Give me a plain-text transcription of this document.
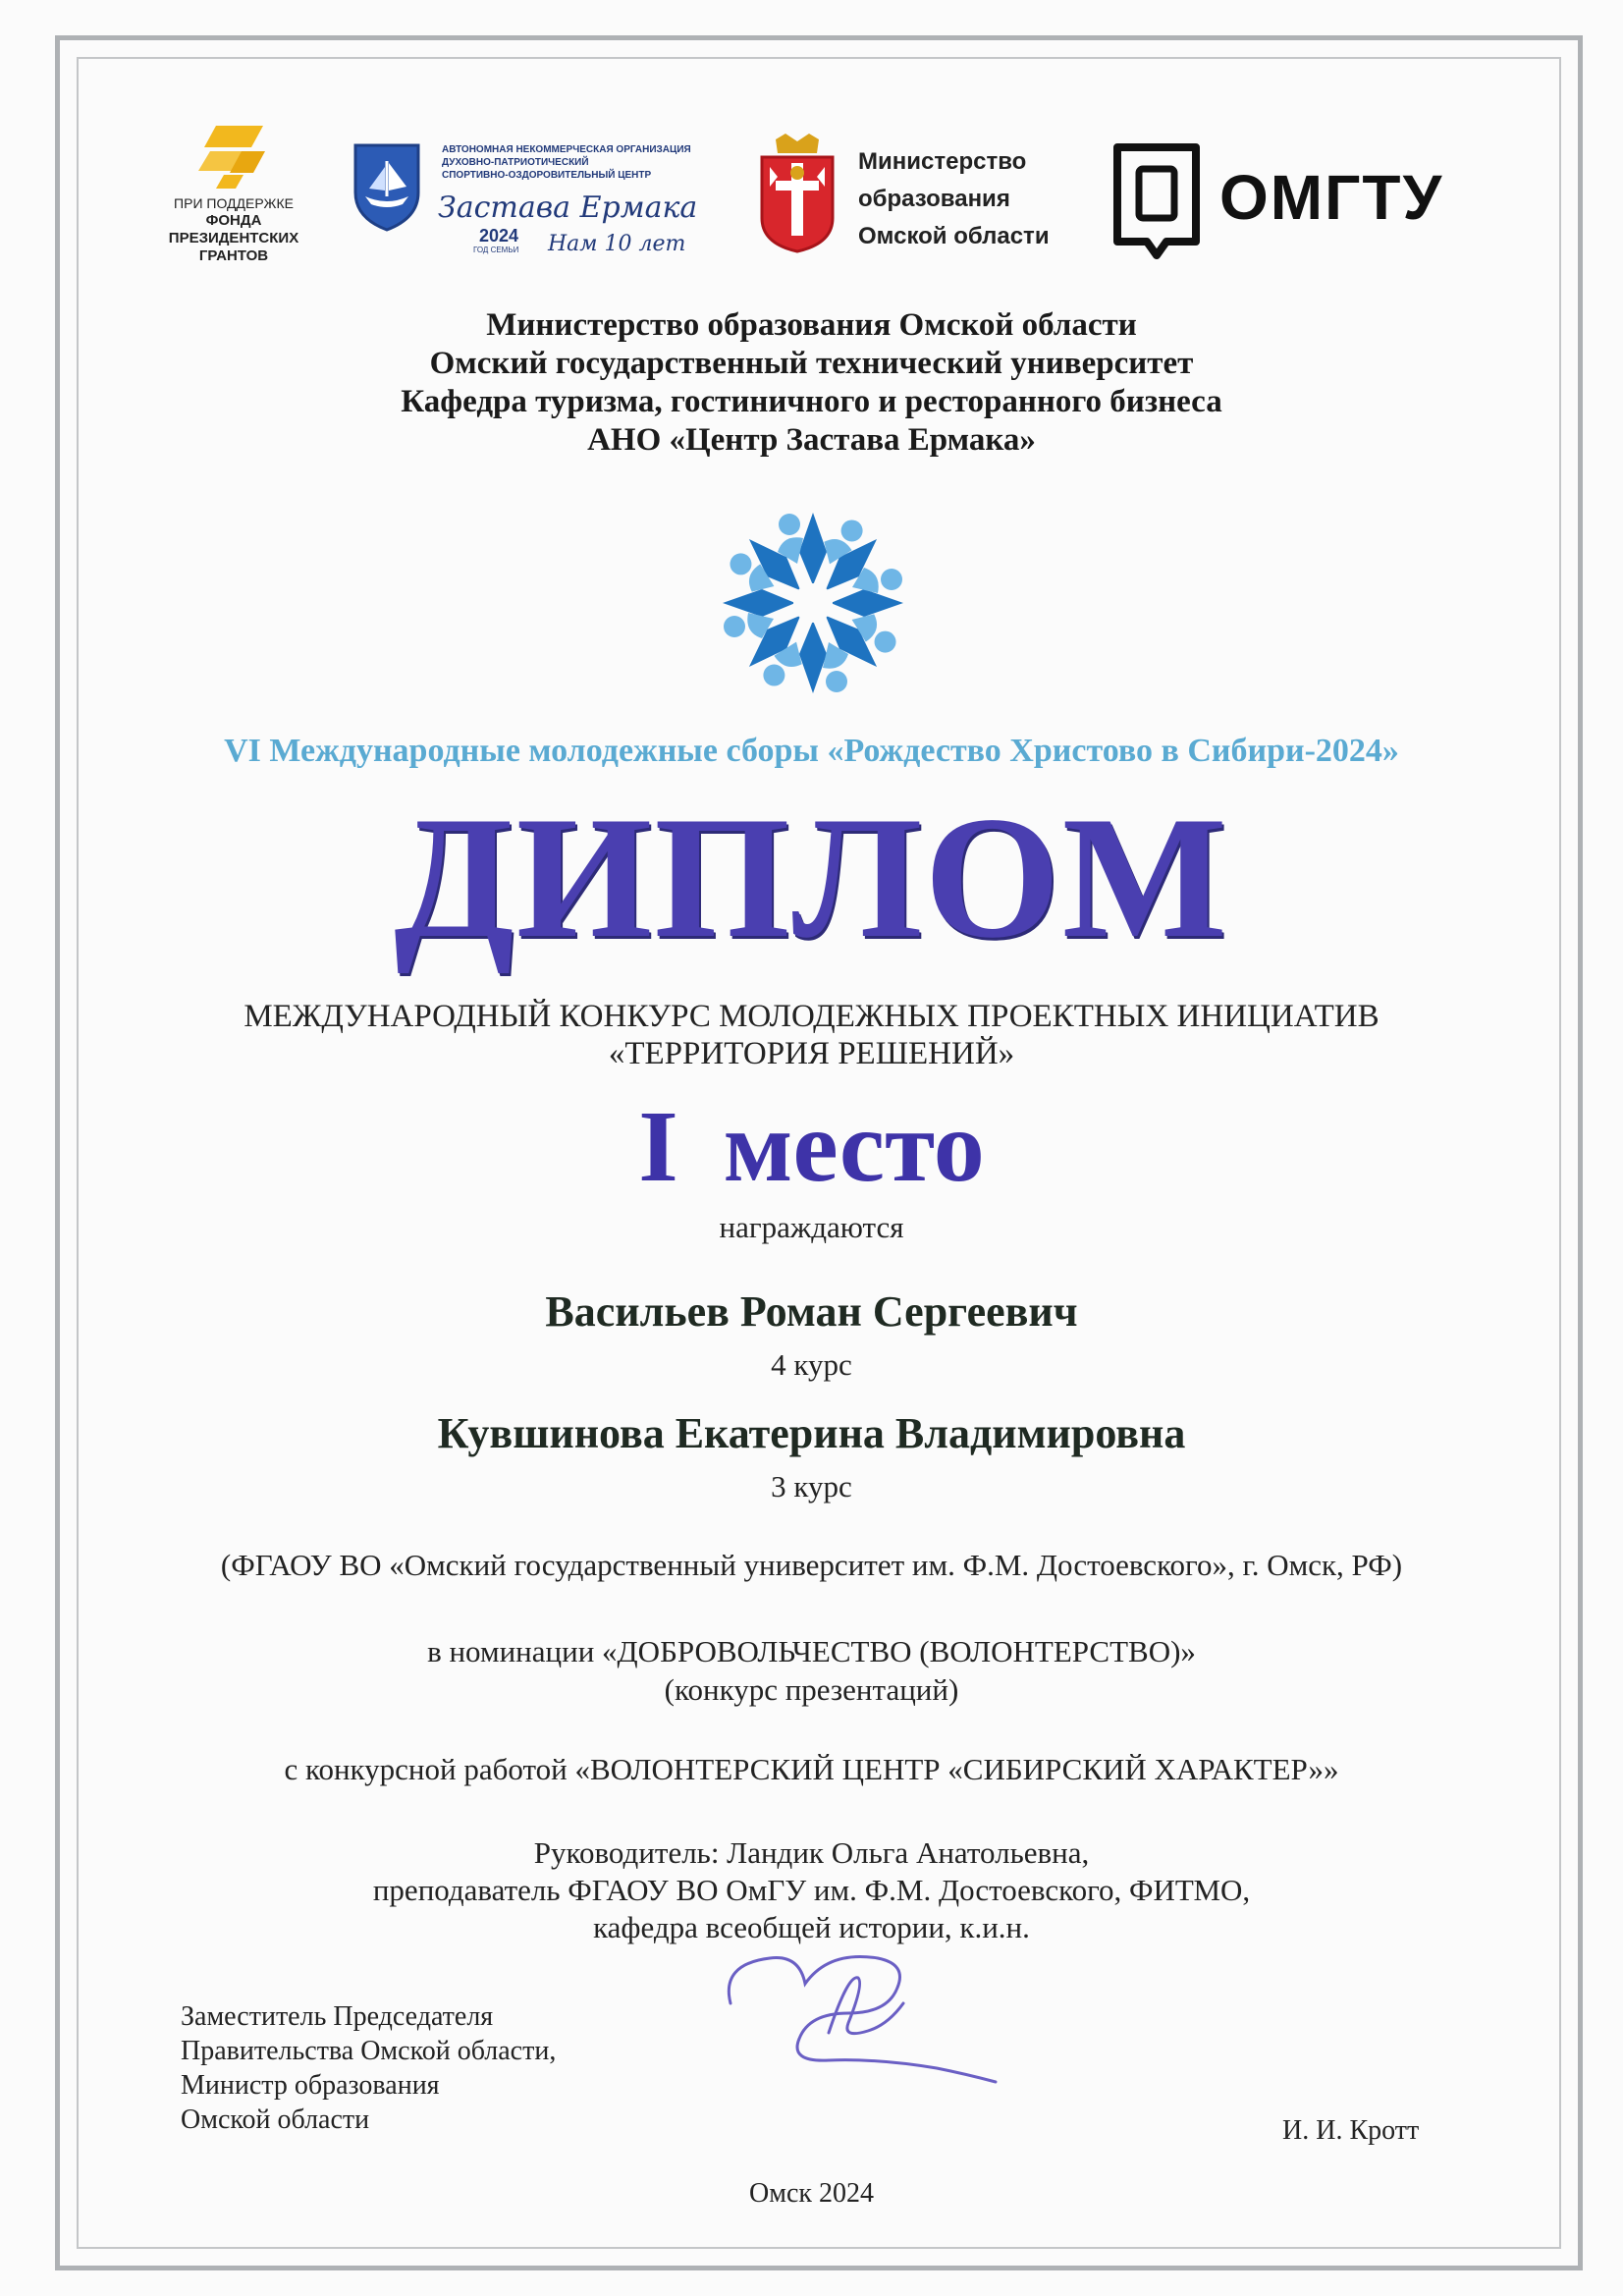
ПРИ ПОДДЕРЖКЕ
ФОНДА
ПРЕЗИДЕНТСКИХ
ГРАНТОВ
АВТОНОМНАЯ НЕКОММЕРЧЕСКАЯ ОРГАНИЗАЦИЯ
ДУХОВНО-ПАТРИОТИЧЕСКИЙ
СПОРТИВНО-ОЗДОРОВИТЕЛЬНЫЙ ЦЕНТР
Застава Ермака
2024
ГОД СЕМЬИ Нам 10 лет
Министерство
образования
Омской области
ОМГТУ
Министерство образования Омской области
Омский государственный технический университет
Кафедра туризма, гостиничного и ресторанного бизнеса
АНО «Центр Застава Ермака»
VI Международные молодежные сборы «Рождество Христово в Сибири-2024»
ДИПЛОМ
МЕЖДУНАРОДНЫЙ КОНКУРС МОЛОДЕЖНЫХ ПРОЕКТНЫХ ИНИЦИАТИВ
«ТЕРРИТОРИЯ РЕШЕНИЙ»
I место
награждаются
Васильев Роман Сергеевич
4 курс
Кувшинова Екатерина Владимировна
3 курс
(ФГАОУ ВО «Омский государственный университет им. Ф.М. Достоевского», г. Омск, РФ)
в номинации «ДОБРОВОЛЬЧЕСТВО (ВОЛОНТЕРСТВО)»
(конкурс презентаций)
с конкурсной работой «ВОЛОНТЕРСКИЙ ЦЕНТР «СИБИРСКИЙ ХАРАКТЕР»»
Руководитель: Ландик Ольга Анатольевна,
преподаватель ФГАОУ ВО ОмГУ им. Ф.М. Достоевского, ФИТМО,
кафедра всеобщей истории, к.и.н.
Заместитель Председателя
Правительства Омской области,
Министр образования
Омской области	И. И. Кротт
Омск 2024
